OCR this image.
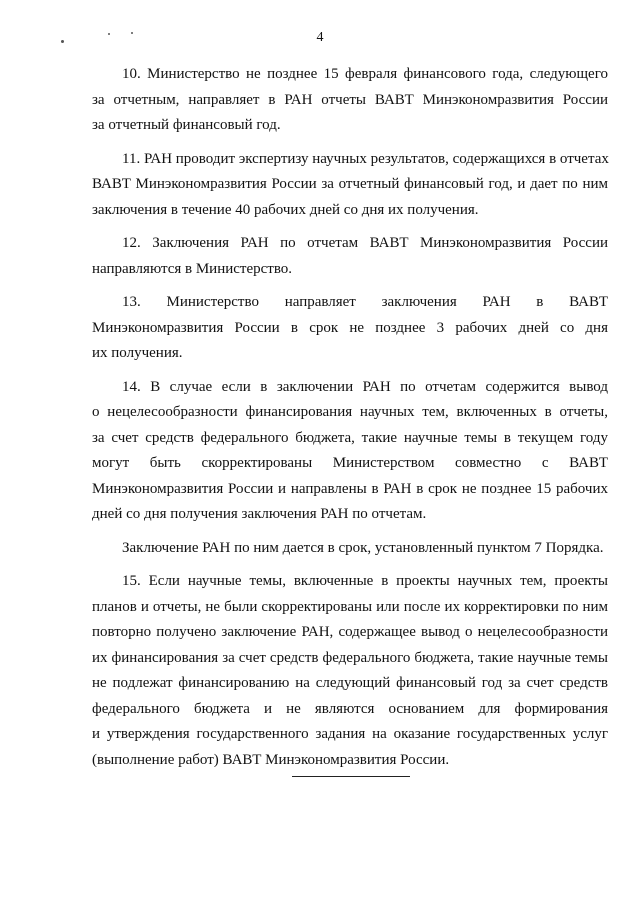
4
10. Министерство не позднее 15 февраля финансового года, следующего
за отчетным, направляет в РАН отчеты ВАВТ Минэкономразвития России
за отчетный финансовый год.
11. РАН проводит экспертизу научных результатов, содержащихся в отчетах
ВАВТ Минэкономразвития России за отчетный финансовый год, и дает по ним
заключения в течение 40 рабочих дней со дня их получения.
12. Заключения РАН по отчетам ВАВТ Минэкономразвития России
направляются в Министерство.
13. Министерство направляет заключения РАН в ВАВТ
Минэкономразвития России в срок не позднее 3 рабочих дней со дня
их получения.
14. В случае если в заключении РАН по отчетам содержится вывод
о нецелесообразности финансирования научных тем, включенных в отчеты,
за счет средств федерального бюджета, такие научные темы в текущем году
могут быть скорректированы Министерством совместно с ВАВТ
Минэкономразвития России и направлены в РАН в срок не позднее 15 рабочих
дней со дня получения заключения РАН по отчетам.
Заключение РАН по ним дается в срок, установленный пунктом 7 Порядка.
15. Если научные темы, включенные в проекты научных тем, проекты
планов и отчеты, не были скорректированы или после их корректировки по ним
повторно получено заключение РАН, содержащее вывод о нецелесообразности
их финансирования за счет средств федерального бюджета, такие научные темы
не подлежат финансированию на следующий финансовый год за счет средств
федерального бюджета и не являются основанием для формирования
и утверждения государственного задания на оказание государственных услуг
(выполнение работ) ВАВТ Минэкономразвития России.
